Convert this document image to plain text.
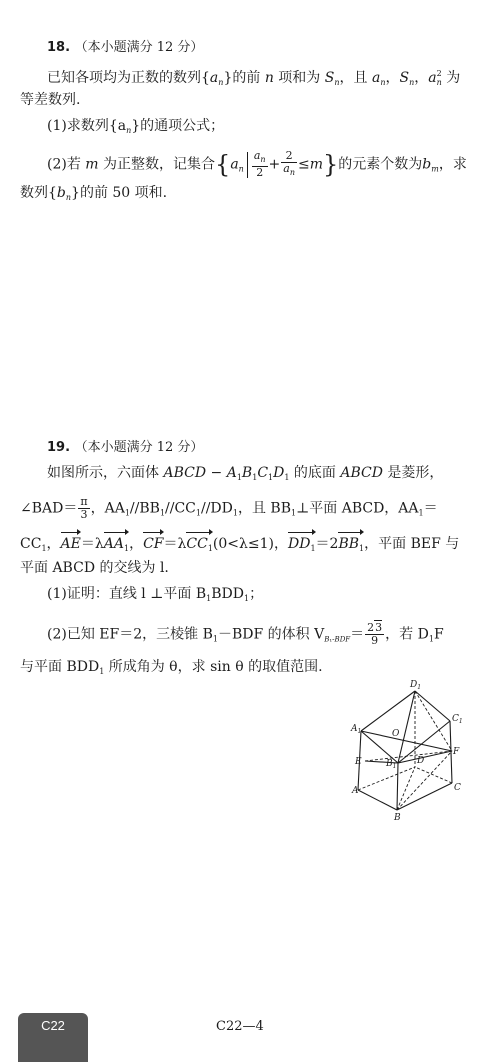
18. （本小题满分 12 分）
已知各项均为正数的数列$\{a_n\}$的前 n 项和为 $S_n$，且 $a_n$，$S_n$，$a^2_n$ 为
等差数列.
(1)求数列$\{a_n\}$的通项公式；
(2)若 m 为正整数，记集合$\{a_n \frac{a_n}{2} + \frac{2}{a_n} \le m\}$的元素个数为$b_m$，求
数列$\{b_n\}$的前 50 项和.
19. （本小题满分 12 分）
如图所示，六面体 ABCD − $A_1B_1C_1D_1$ 的底面 ABCD 是菱形，
∠BAD＝ $\frac{\pi}{3}$ ，$AA_1//BB_1//CC_1//DD_1$，且 $BB_1\perp$平面 ABCD，$AA_1=$
$CC_1$，AE＝λAA$_1$，CF＝λCC$_1$(0<λ≤1)，$DD_1=2BB_1$，平面 BEF 与
平面 ABCD 的交线为 l.
(1)证明：直线 l ⊥平面 $B_1BDD_1$；
(2)已知 EF＝2，三棱锥 $B_1-BDF$ 的体积 $V_{B_1-BDF}= \frac{23}{9}$ ，若 $D_1F$
与平面 $BDD_1$ 所成角为 θ，求 sin θ 的取值范围.
$D_1$
$C_1$
$A_1$	O
$B_1$
E
F
D
A	C
B
C22	C22—4
